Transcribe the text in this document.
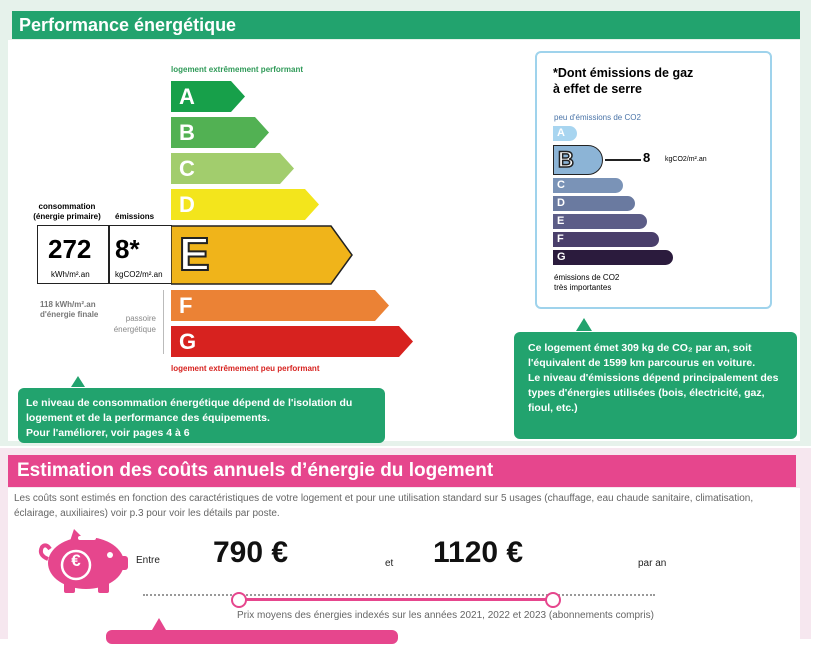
Performance énergétique
logement extrêmement performant
A
B
C
D
F
G
logement extrêmement peu performant
consommation
(énergie primaire) émissions
272
kWh/m².an
8*
kgCO2/m².an E
118 kWh/m².an
d'énergie finale	passoire
énergétique
Le niveau de consommation énergétique dépend de l'isolation du logement et de la performance des équipements.
Pour l'améliorer, voir pages 4 à 6
*Dont émissions de gaz
à effet de serre
peu d'émissions de CO2
A
B
C
D
E
F
G
émissions de CO2
très importantes
8 kgCO2/m².an
Ce logement émet 309 kg de CO₂ par an, soit l'équivalent de 1599 km parcourus en voiture.
Le niveau d'émissions dépend principalement des types d'énergies utilisées (bois, électricité, gaz, fioul, etc.)
Estimation des coûts annuels d’énergie du logement
Les coûts sont estimés en fonction des caractéristiques de votre logement et pour une utilisation standard sur 5 usages (chauffage, eau chaude sanitaire, climatisation, éclairage, auxiliaires) voir p.3 pour voir les détails par poste.
€	Entre 790 €	et 1120 €	par an
Prix moyens des énergies indexés sur les années 2021, 2022 et 2023 (abonnements compris)
